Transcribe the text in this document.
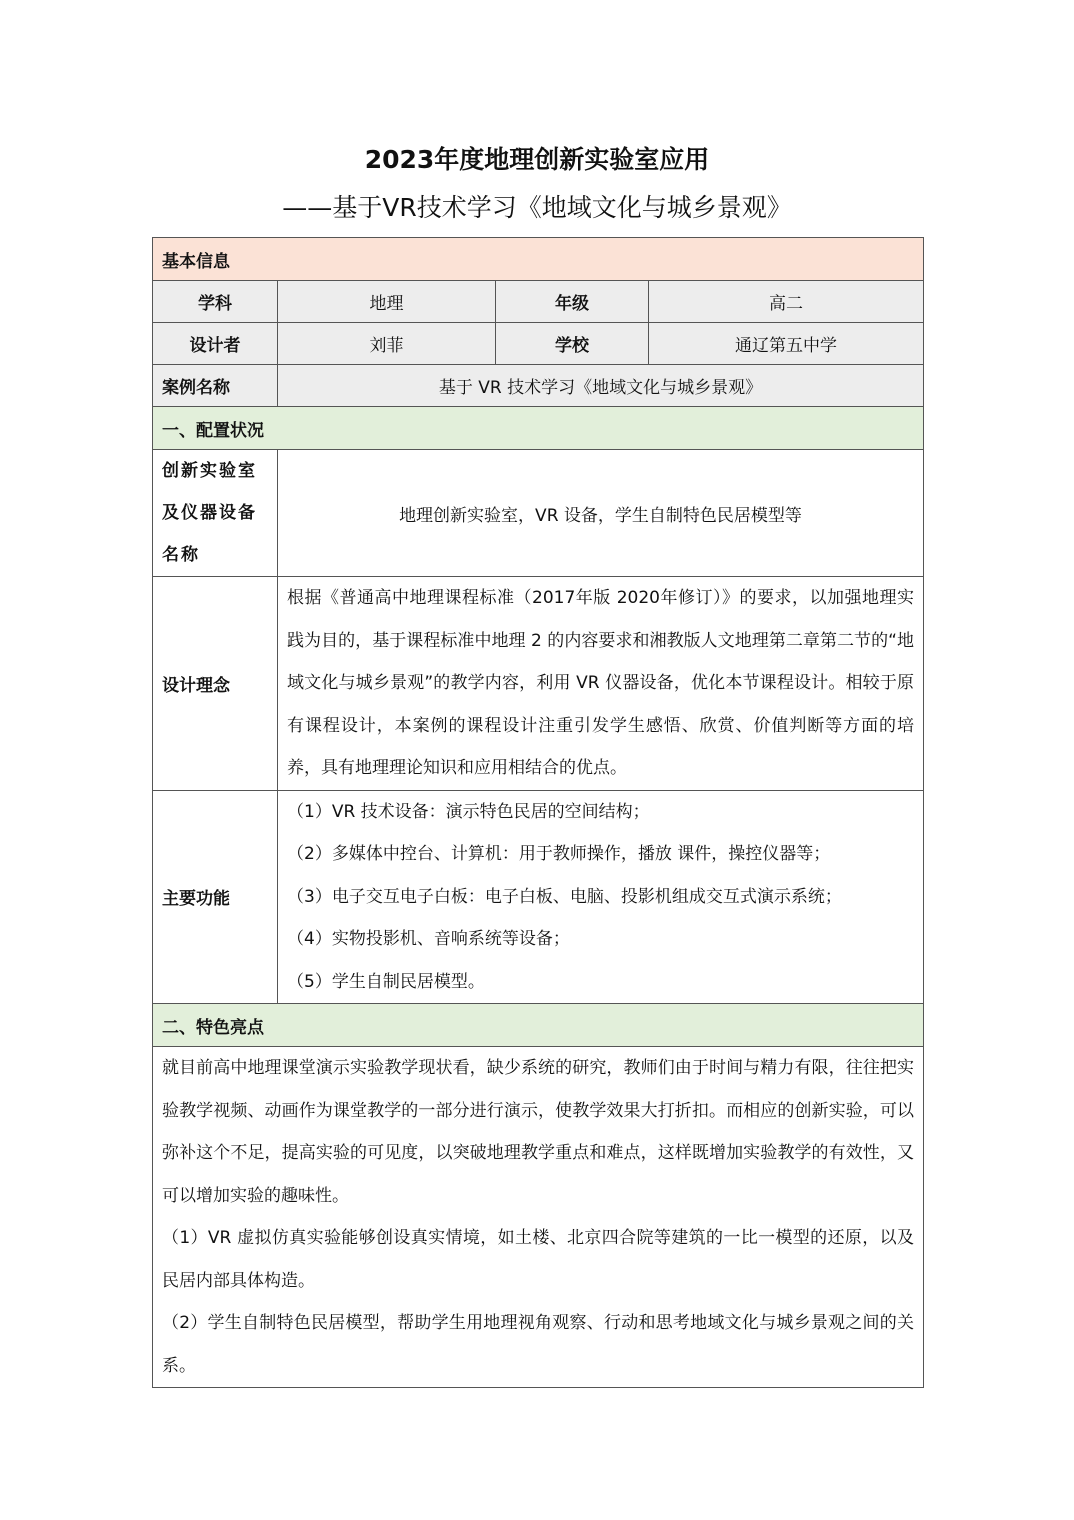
2023年度地理创新实验室应用
——基于VR技术学习《地域文化与城乡景观》
基本信息			
学科	地理	年级	高二
设计者	刘菲	学校	通辽第五中学
案例名称	基于 VR 技术学习《地域文化与城乡景观》		
一、配置状况			

创新实验室
及仪器设备
名称	地理创新实验室，VR 设备，学生自制特色民居模型等		
设计理念	根据《普通高中地理课程标准（2017年版 2020年修订）》的要求，以加强地理实践为目的，基于课程标准中地理 2 的内容要求和湘教版人文地理第二章第二节的“地域文化与城乡景观”的教学内容，利用 VR 仪器设备，优化本节课程设计。相较于原有课程设计，本案例的课程设计注重引发学生感悟、欣赏、价值判断等方面的培养，具有地理理论知识和应用相结合的优点。		
主要功能	（1）VR 技术设备：演示特色民居的空间结构；
（2）多媒体中控台、计算机：用于教师操作，播放 课件，操控仪器等；
（3）电子交互电子白板：电子白板、电脑、投影机组成交互式演示系统；
（4）实物投影机、音响系统等设备；
（5）学生自制民居模型。		

二、特色亮点			

就目前高中地理课堂演示实验教学现状看，缺少系统的研究，教师们由于时间与精力有限，往往把实验教学视频、动画作为课堂教学的一部分进行演示，使教学效果大打折扣。而相应的创新实验，可以弥补这个不足，提高实验的可见度，以突破地理教学重点和难点，这样既增加实验教学的有效性，又可以增加实验的趣味性。
（1）VR 虚拟仿真实验能够创设真实情境，如土楼、北京四合院等建筑的一比一模型的还原，以及民居内部具体构造。
（2）学生自制特色民居模型，帮助学生用地理视角观察、行动和思考地域文化与城乡景观之间的关系。			
